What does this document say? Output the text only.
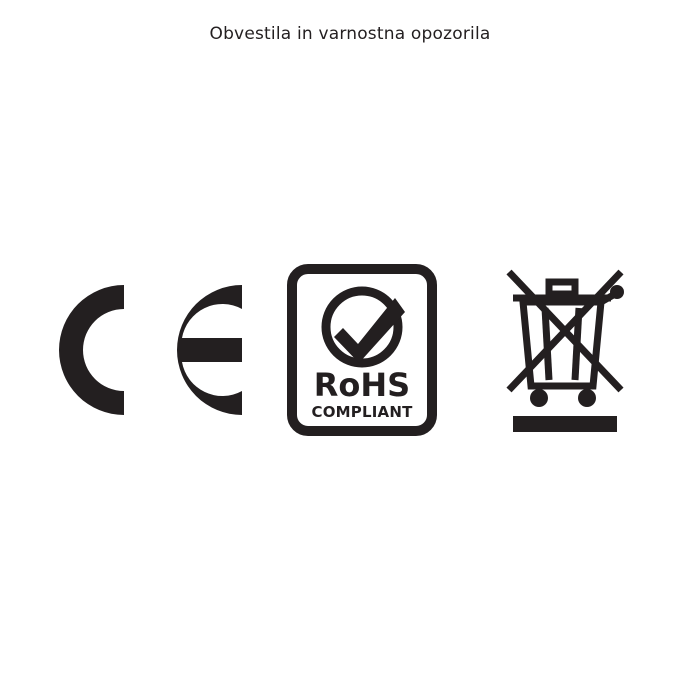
Obvestila in varnostna opozorila
RoHS
COMPLIANT
